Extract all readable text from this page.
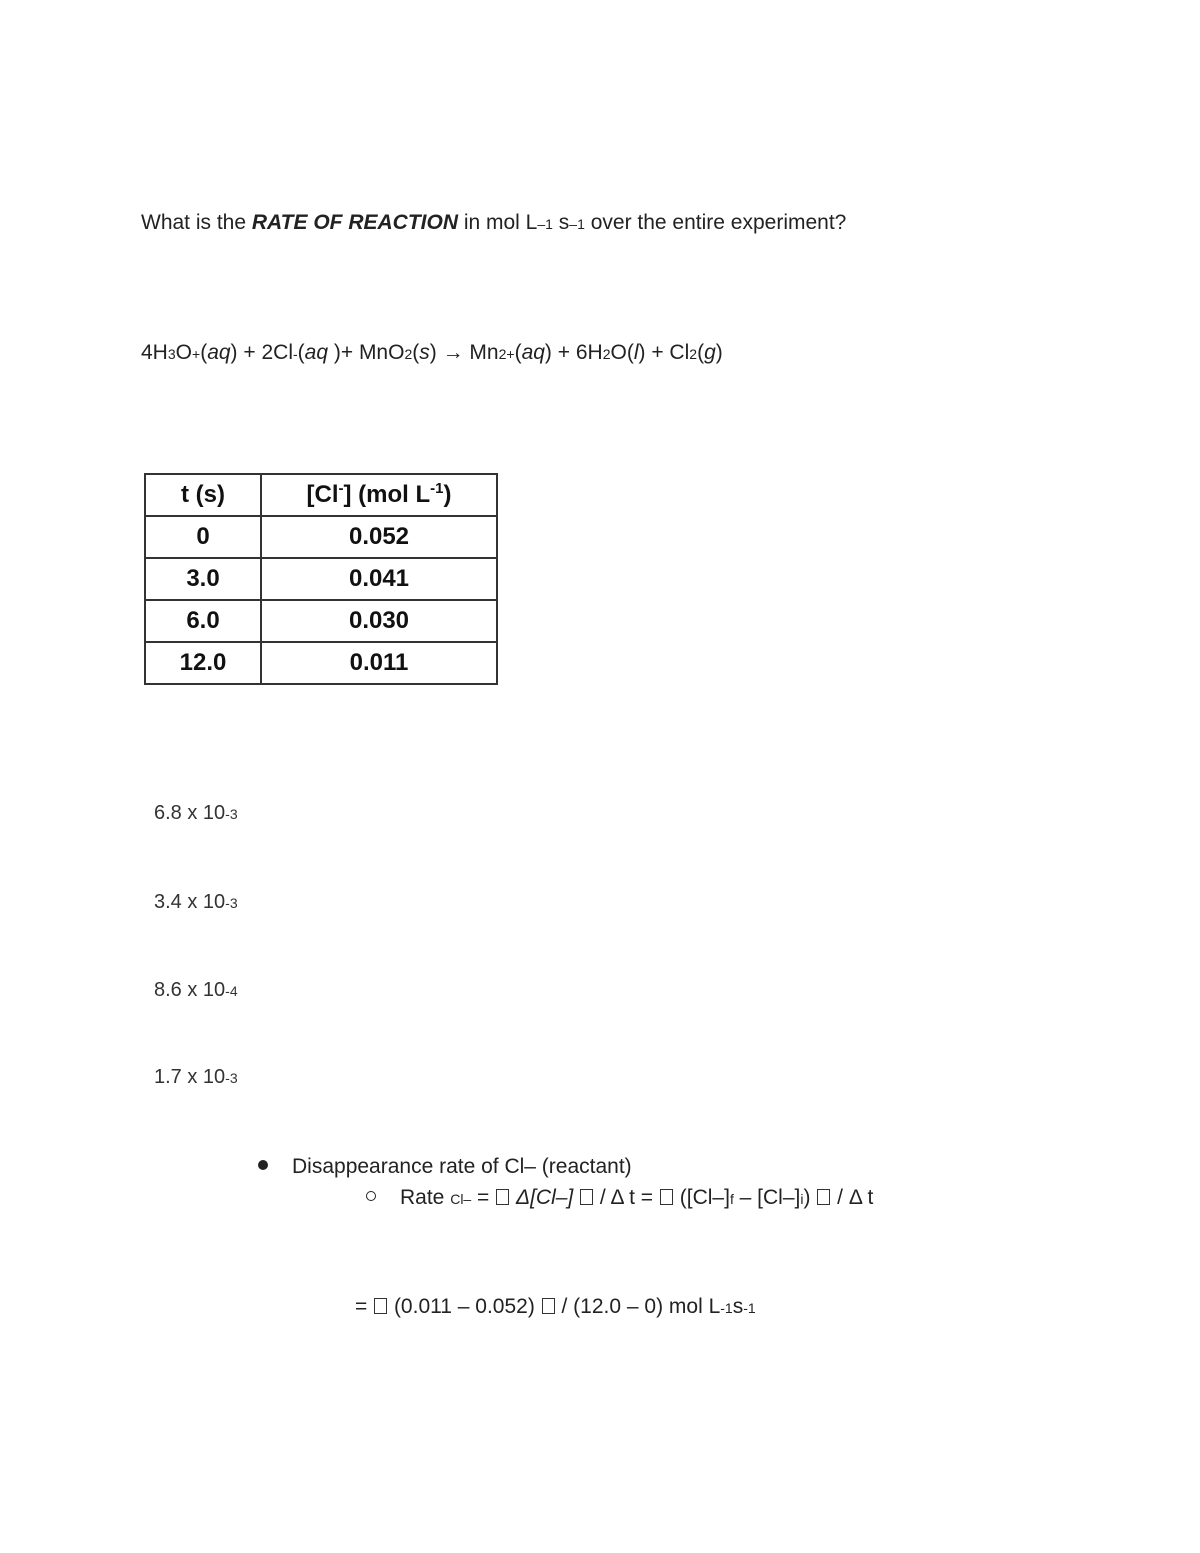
What is the RATE OF REACTION in mol L–1 s–1 over the entire experiment?
4H3O+(aq) + 2Cl-(aq )+ MnO2(s) → Mn2+(aq) + 6H2O(l) + Cl2(g)
t (s)	[Cl-] (mol $L^{-1}$)
0	0.052
3.0	0.041
6.0	0.030
12.0	0.011
6.8 x 10-3
3.4 x 10-3
8.6 x 10-4
1.7 x 10-3
Disappearance rate of Cl– (reactant)
Rate Cl– =  Δ[Cl–]  / Δ t =  ([Cl–]f – [Cl–]i)  / Δ t
=  (0.011 – 0.052)  / (12.0 – 0) mol L-1s-1
